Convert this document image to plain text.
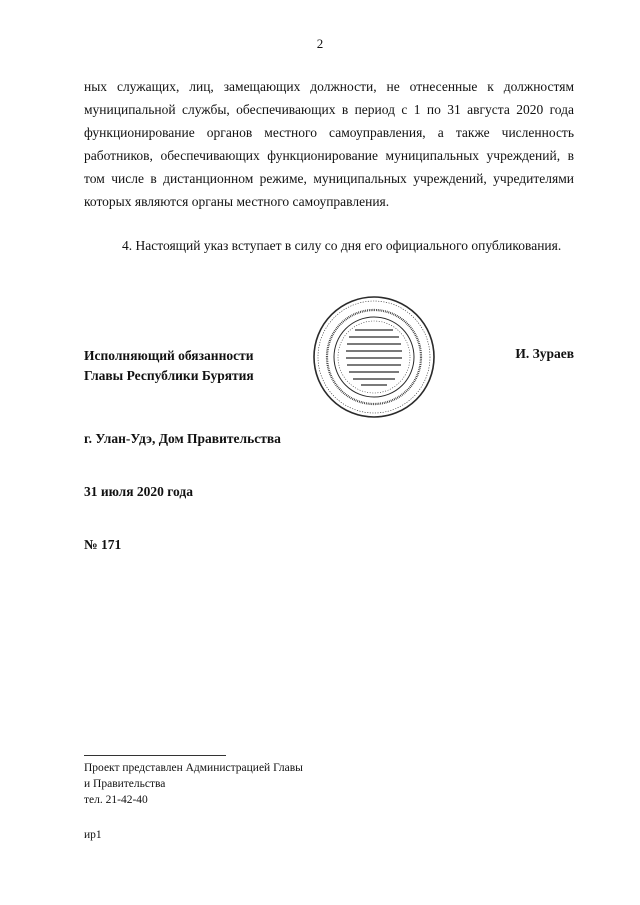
2
ных служащих, лиц, замещающих должности, не отнесенные к должностям муниципальной службы, обеспечивающих в период с 1 по 31 августа 2020 года функционирование органов местного самоуправления, а также численность работников, обеспечивающих функционирование муниципальных учреждений, в том числе в дистанционном режиме, муниципальных учреждений, учредителями которых являются органы местного самоуправления.
4. Настоящий указ вступает в силу со дня его официального опубликования.
Исполняющий обязанности
Главы Республики Бурятия
И. Зураев
г. Улан-Удэ, Дом Правительства
31 июля 2020 года
№ 171
Проект представлен Администрацией Главы
и Правительства
тел. 21-42-40
ир1
